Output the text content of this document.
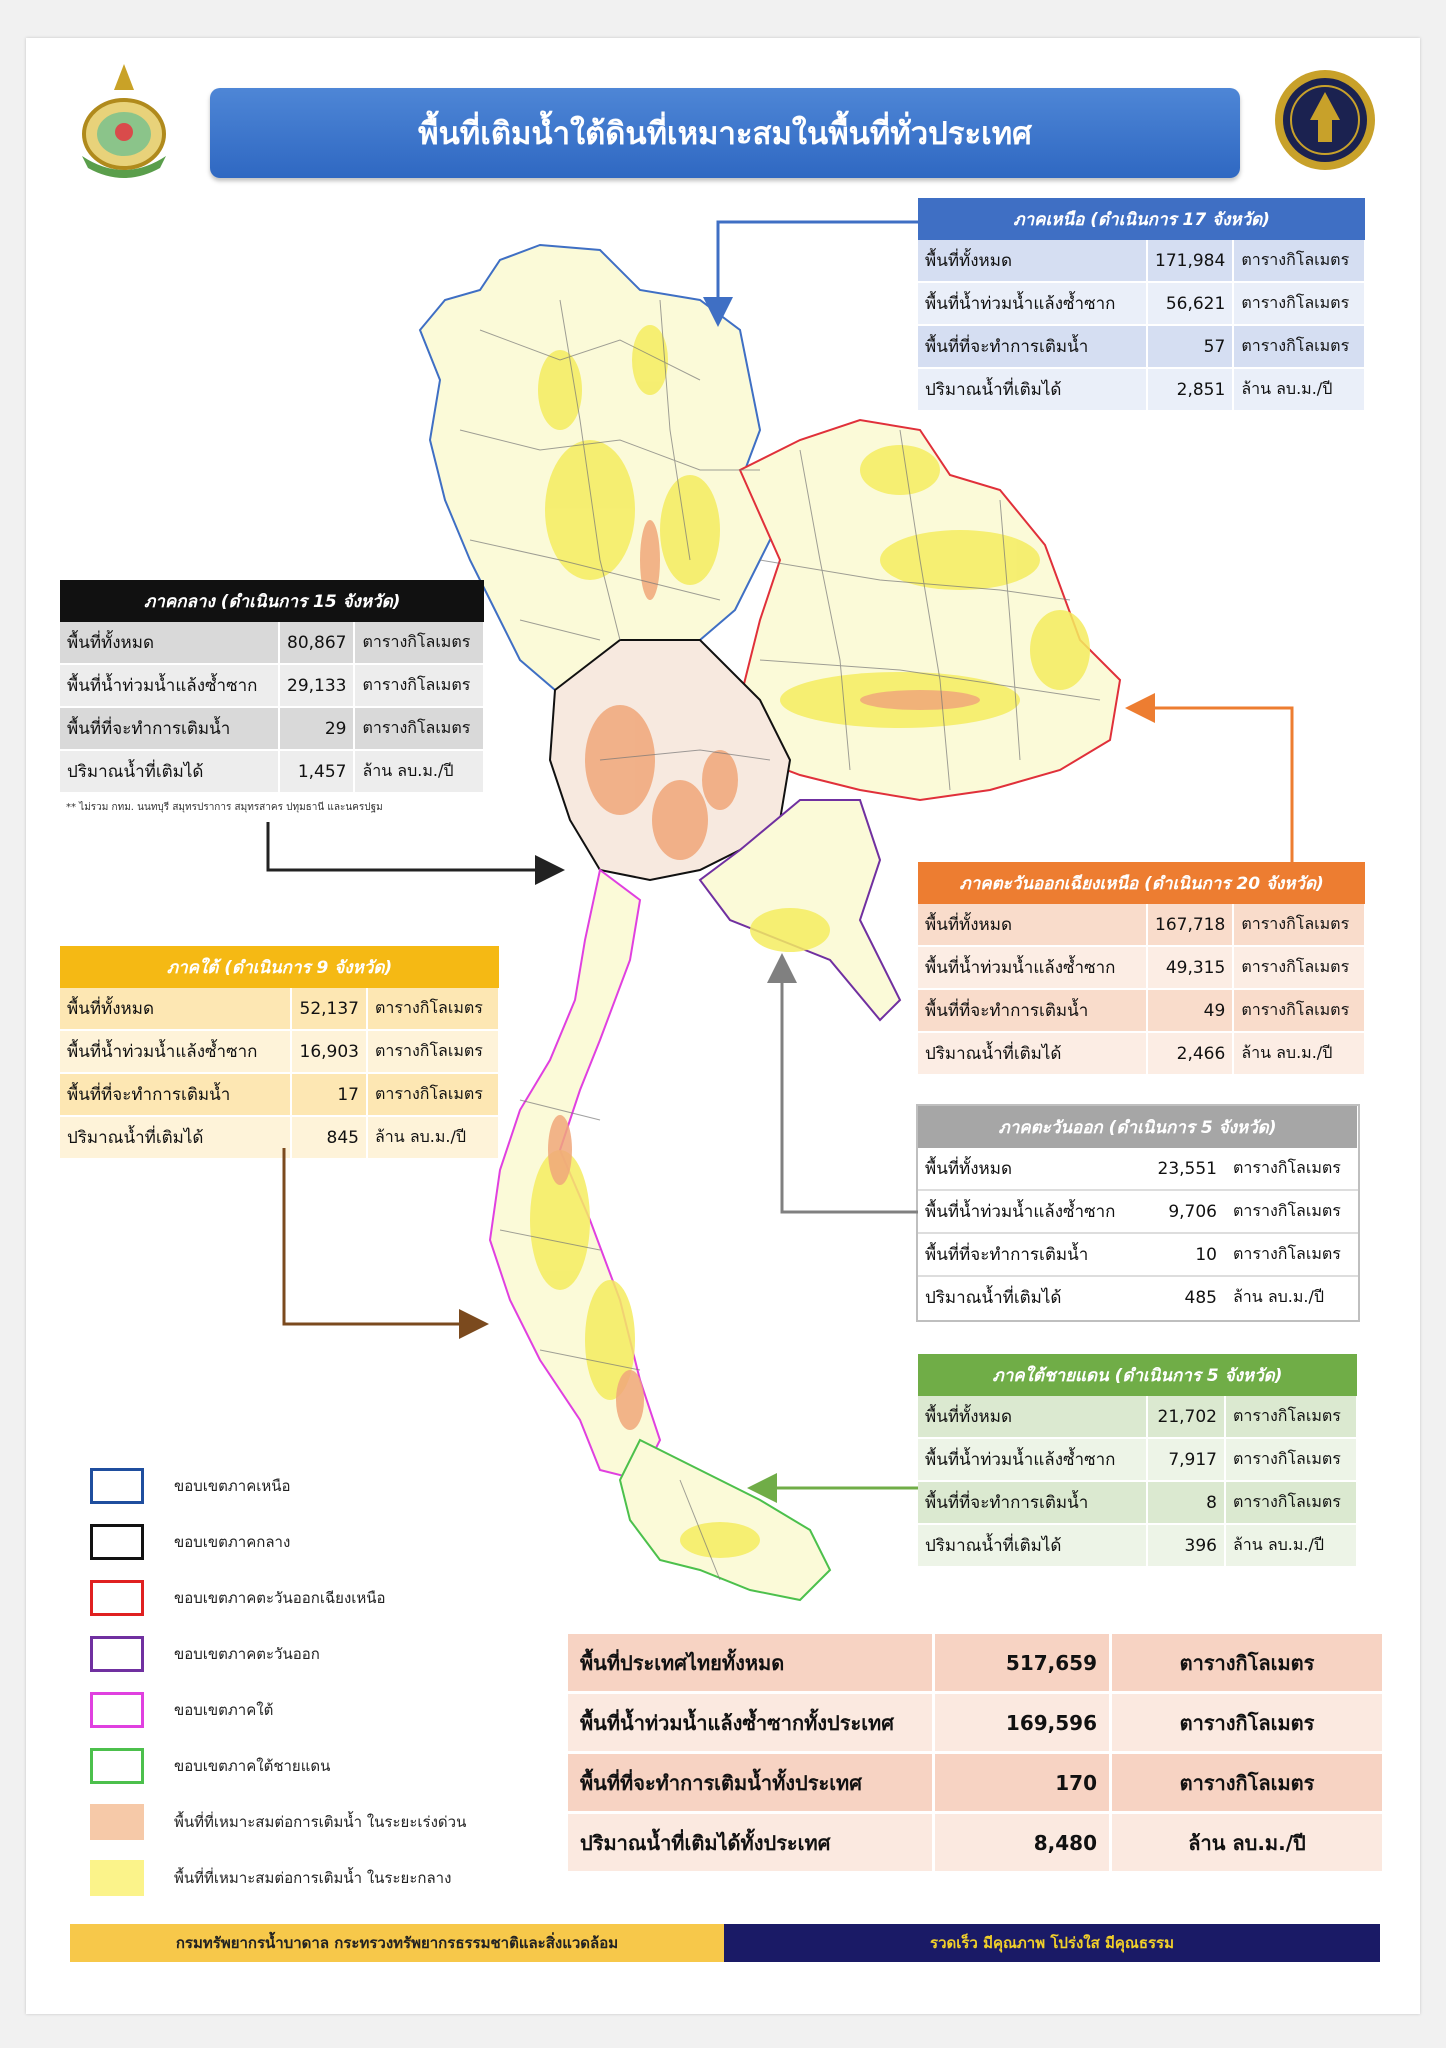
พื้นที่เติมน้ำใต้ดินที่เหมาะสมในพื้นที่ทั่วประเทศ
ภาคเหนือ (ดำเนินการ 17 จังหวัด)		
พื้นที่ทั้งหมด	171,984	ตารางกิโลเมตร
พื้นที่น้ำท่วมน้ำแล้งซ้ำซาก	56,621	ตารางกิโลเมตร
พื้นที่ที่จะทำการเติมน้ำ	57	ตารางกิโลเมตร
ปริมาณน้ำที่เติมได้	2,851	ล้าน ลบ.ม./ปี
ภาคกลาง (ดำเนินการ 15 จังหวัด)		
พื้นที่ทั้งหมด	80,867	ตารางกิโลเมตร
พื้นที่น้ำท่วมน้ำแล้งซ้ำซาก	29,133	ตารางกิโลเมตร
พื้นที่ที่จะทำการเติมน้ำ	29	ตารางกิโลเมตร
ปริมาณน้ำที่เติมได้	1,457	ล้าน ลบ.ม./ปี
** ไม่รวม กทม. นนทบุรี สมุทรปราการ สมุทรสาคร ปทุมธานี และนครปฐม
ภาคใต้ (ดำเนินการ 9 จังหวัด)		
พื้นที่ทั้งหมด	52,137	ตารางกิโลเมตร
พื้นที่น้ำท่วมน้ำแล้งซ้ำซาก	16,903	ตารางกิโลเมตร
พื้นที่ที่จะทำการเติมน้ำ	17	ตารางกิโลเมตร
ปริมาณน้ำที่เติมได้	845	ล้าน ลบ.ม./ปี
ภาคตะวันออกเฉียงเหนือ (ดำเนินการ 20 จังหวัด)		
พื้นที่ทั้งหมด	167,718	ตารางกิโลเมตร
พื้นที่น้ำท่วมน้ำแล้งซ้ำซาก	49,315	ตารางกิโลเมตร
พื้นที่ที่จะทำการเติมน้ำ	49	ตารางกิโลเมตร
ปริมาณน้ำที่เติมได้	2,466	ล้าน ลบ.ม./ปี
ภาคตะวันออก (ดำเนินการ 5 จังหวัด)		
พื้นที่ทั้งหมด	23,551	ตารางกิโลเมตร
พื้นที่น้ำท่วมน้ำแล้งซ้ำซาก	9,706	ตารางกิโลเมตร
พื้นที่ที่จะทำการเติมน้ำ	10	ตารางกิโลเมตร
ปริมาณน้ำที่เติมได้	485	ล้าน ลบ.ม./ปี
ภาคใต้ชายแดน (ดำเนินการ 5 จังหวัด)		
พื้นที่ทั้งหมด	21,702	ตารางกิโลเมตร
พื้นที่น้ำท่วมน้ำแล้งซ้ำซาก	7,917	ตารางกิโลเมตร
พื้นที่ที่จะทำการเติมน้ำ	8	ตารางกิโลเมตร
ปริมาณน้ำที่เติมได้	396	ล้าน ลบ.ม./ปี
ขอบเขตภาคเหนือ
ขอบเขตภาคกลาง
ขอบเขตภาคตะวันออกเฉียงเหนือ
ขอบเขตภาคตะวันออก
ขอบเขตภาคใต้
ขอบเขตภาคใต้ชายแดน
พื้นที่ที่เหมาะสมต่อการเติมน้ำ ในระยะเร่งด่วน
พื้นที่ที่เหมาะสมต่อการเติมน้ำ ในระยะกลาง
พื้นที่ประเทศไทยทั้งหมด	517,659	ตารางกิโลเมตร
พื้นที่น้ำท่วมน้ำแล้งซ้ำซากทั้งประเทศ	169,596	ตารางกิโลเมตร
พื้นที่ที่จะทำการเติมน้ำทั้งประเทศ	170	ตารางกิโลเมตร
ปริมาณน้ำที่เติมได้ทั้งประเทศ	8,480	ล้าน ลบ.ม./ปี
กรมทรัพยากรน้ำบาดาล กระทรวงทรัพยากรธรรมชาติและสิ่งแวดล้อม	รวดเร็ว มีคุณภาพ โปร่งใส มีคุณธรรม
